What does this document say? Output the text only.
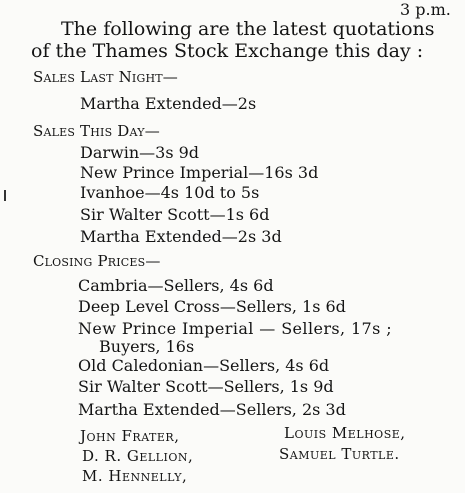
3 p.m.
The following are the latest quotations
of the Thames Stock Exchange this day :
Sales Last Night—
Martha Extended—2s
Sales This Day—
Darwin—3s 9d
New Prince Imperial—16s 3d
Ivanhoe—4s 10d to 5s
Sir Walter Scott—1s 6d
Martha Extended—2s 3d
Closing Prices—
Cambria—Sellers, 4s 6d
Deep Level Cross—Sellers, 1s 6d
New Prince Imperial — Sellers, 17s ;
Buyers, 16s
Old Caledonian—Sellers, 4s 6d
Sir Walter Scott—Sellers, 1s 9d
Martha Extended—Sellers, 2s 3d
John Frater,	Louis Melhose,
D. R. Gellion,	Samuel Turtle.
M. Hennelly,
